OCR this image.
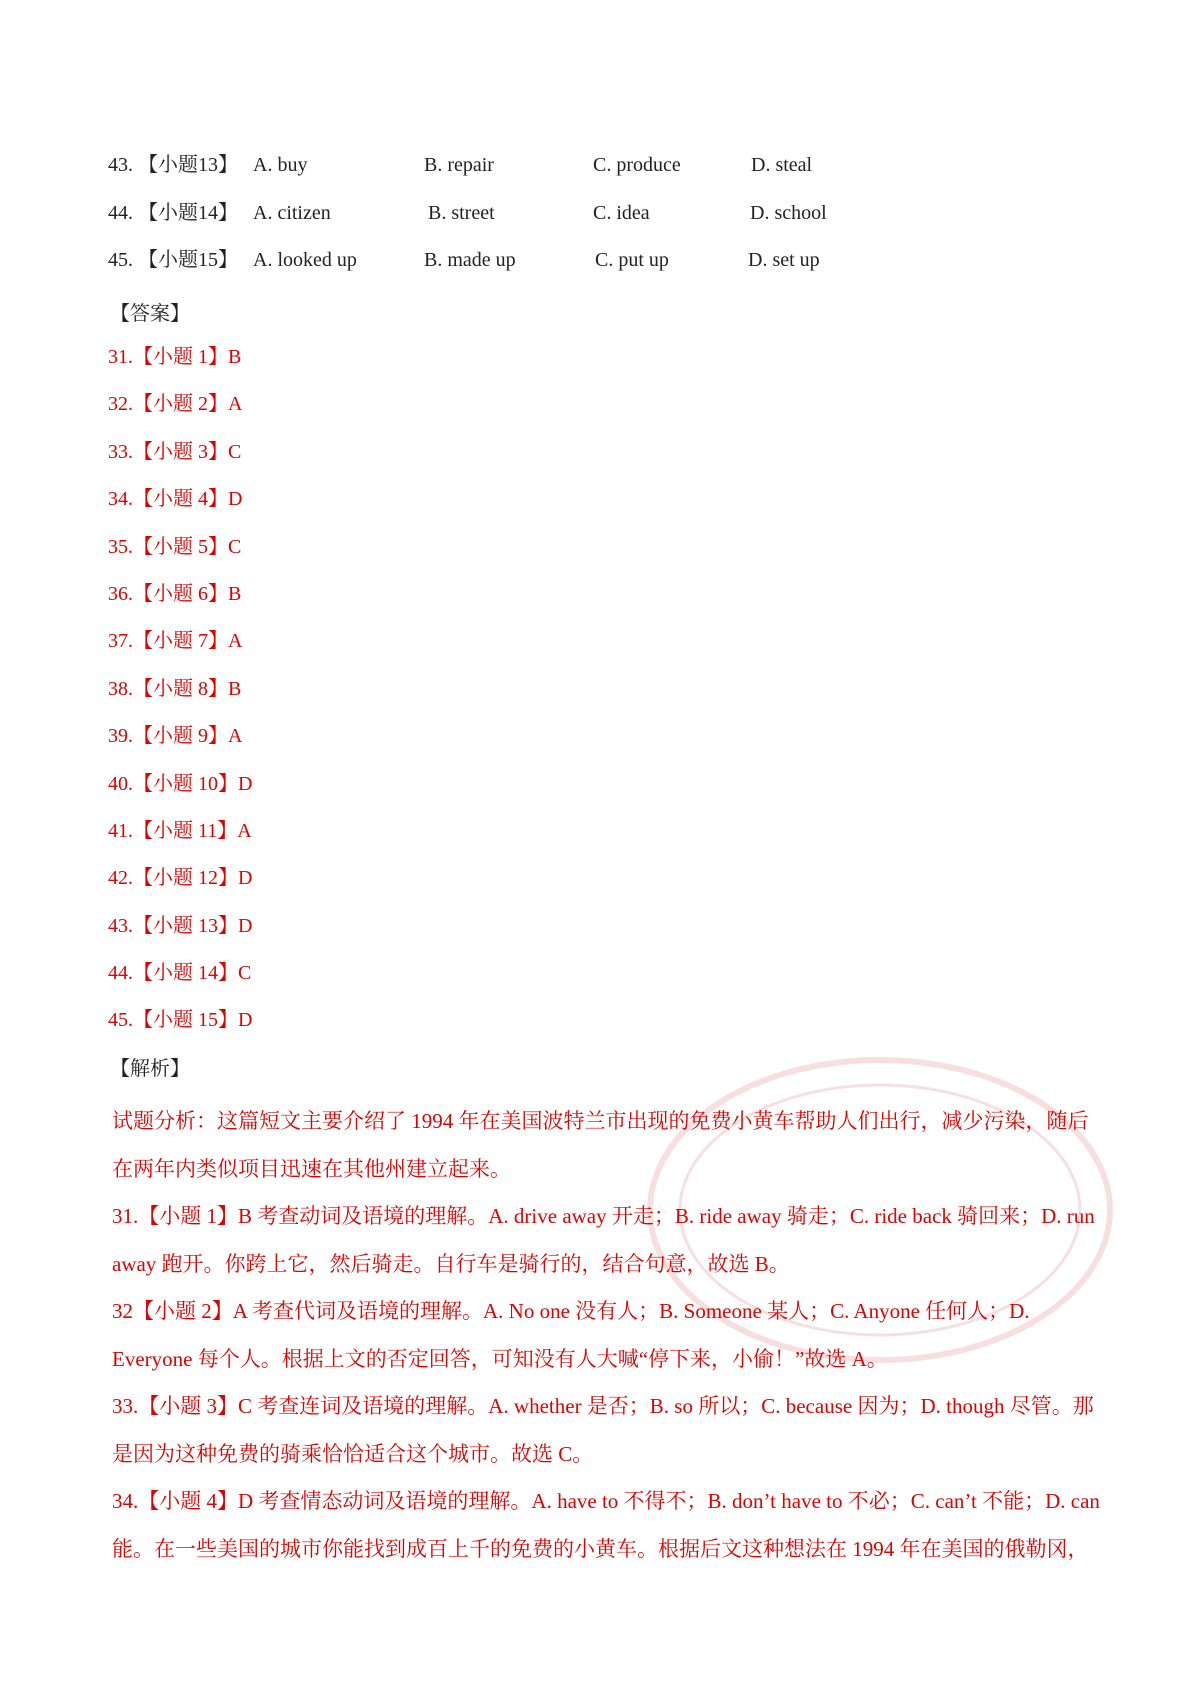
43. 【小题13】 A. buy	B. repair	C. produce	D. steal
44. 【小题14】 A. citizen	B. street	C. idea	D. school
45. 【小题15】 A. looked up	B. made up	C. put up	D. set up
【答案】
31.【小题 1】B
32.【小题 2】A
33.【小题 3】C
34.【小题 4】D
35.【小题 5】C
36.【小题 6】B
37.【小题 7】A
38.【小题 8】B
39.【小题 9】A
40.【小题 10】D
41.【小题 11】A
42.【小题 12】D
43.【小题 13】D
44.【小题 14】C
45.【小题 15】D
【解析】

试题分析：这篇短文主要介绍了 1994 年在美国波特兰市出现的免费小黄车帮助人们出行，减少污染，随后在两年内类似项目迅速在其他州建立起来。

31.【小题 1】B 考查动词及语境的理解。A. drive away 开走；B. ride away 骑走；C. ride back 骑回来；D. run away 跑开。你跨上它，然后骑走。自行车是骑行的，结合句意，故选 B。

32【小题 2】A 考查代词及语境的理解。A. No one 没有人；B. Someone 某人；C. Anyone 任何人；D. Everyone 每个人。根据上文的否定回答，可知没有人大喊“停下来，小偷！”故选 A。

33.【小题 3】C 考查连词及语境的理解。A. whether 是否；B. so 所以；C. because 因为；D. though 尽管。那是因为这种免费的骑乘恰恰适合这个城市。故选 C。

34.【小题 4】D 考查情态动词及语境的理解。A. have to 不得不；B. don’t have to 不必；C. can’t 不能；D. can 能。在一些美国的城市你能找到成百上千的免费的小黄车。根据后文这种想法在 1994 年在美国的俄勒冈，
